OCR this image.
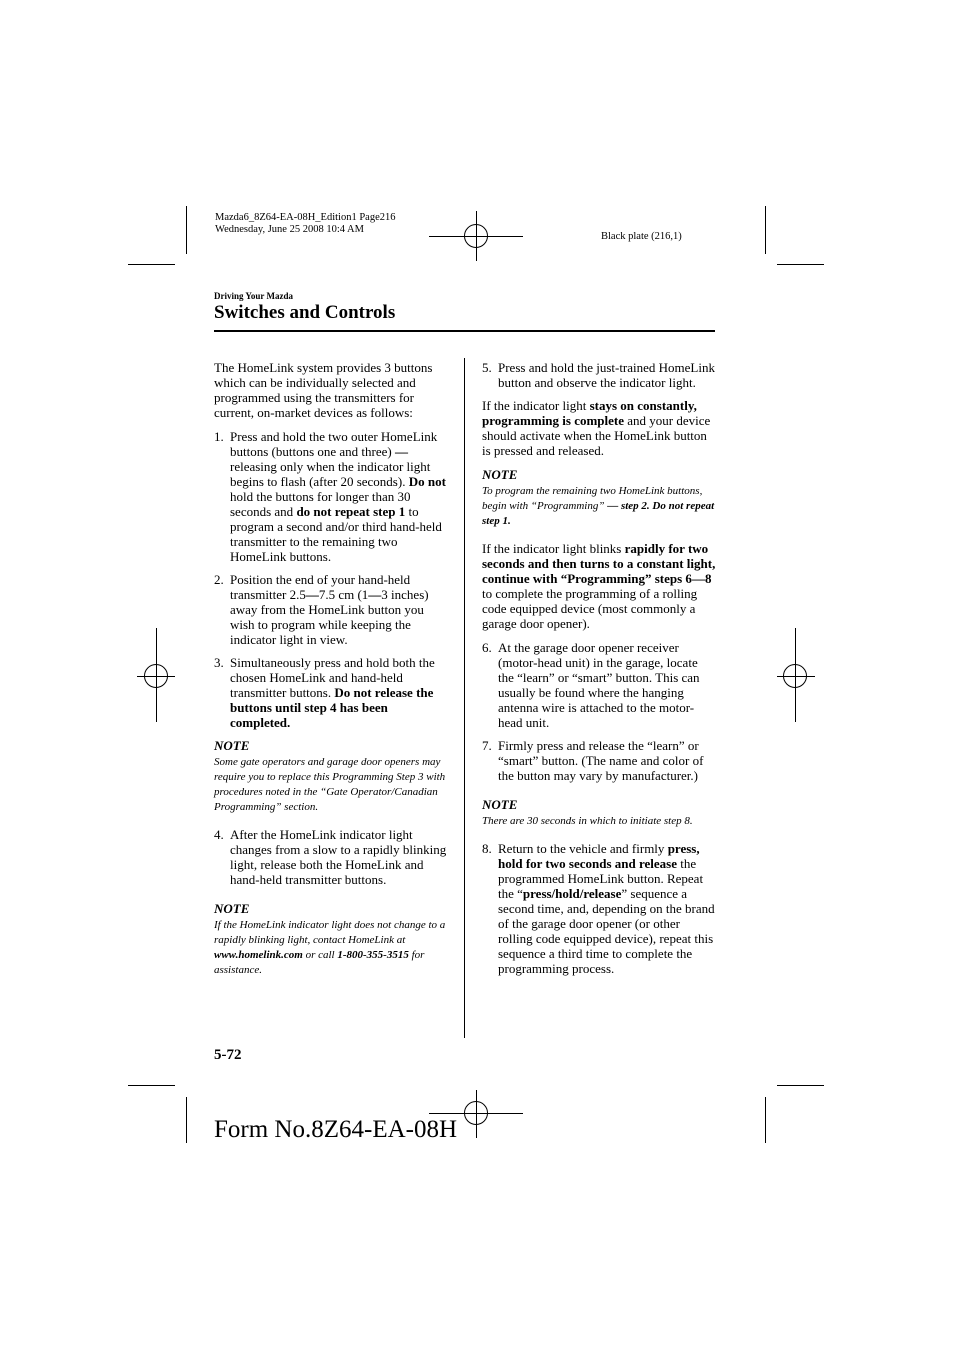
Mazda6_8Z64-EA-08H_Edition1 Page216
Wednesday, June 25 2008 10:4 AM
Black plate (216,1)
Driving Your Mazda
Switches and Controls

The HomeLink system provides 3 buttons which can be individually selected and programmed using the transmitters for current, on-market devices as follows:

1. Press and hold the two outer HomeLink buttons (buttons one and three) — releasing only when the indicator light begins to flash (after 20 seconds). Do not hold the buttons for longer than 30 seconds and do not repeat step 1 to program a second and/or third hand-held transmitter to the remaining two HomeLink buttons.
2. Position the end of your hand-held transmitter 2.5—7.5 cm (1—3 inches) away from the HomeLink button you wish to program while keeping the indicator light in view.
3. Simultaneously press and hold both the chosen HomeLink and hand-held transmitter buttons. Do not release the buttons until step 4 has been completed.
NOTE
Some gate operators and garage door openers may require you to replace this Programming Step 3 with procedures noted in the “Gate Operator/Canadian Programming” section.
4. After the HomeLink indicator light changes from a slow to a rapidly blinking light, release both the HomeLink and hand-held transmitter buttons.
NOTE
If the HomeLink indicator light does not change to a rapidly blinking light, contact HomeLink at www.homelink.com or call 1-800-355-3515 for assistance.
5. Press and hold the just-trained HomeLink button and observe the indicator light.

If the indicator light stays on constantly, programming is complete and your device should activate when the HomeLink button is pressed and released.

NOTE
To program the remaining two HomeLink buttons, begin with “Programming” — step 2. Do not repeat step 1.

If the indicator light blinks rapidly for two seconds and then turns to a constant light, continue with “Programming” steps 6—8 to complete the programming of a rolling code equipped device (most commonly a garage door opener).

6. At the garage door opener receiver (motor-head unit) in the garage, locate the “learn” or “smart” button. This can usually be found where the hanging antenna wire is attached to the motor-head unit.
7. Firmly press and release the “learn” or “smart” button. (The name and color of the button may vary by manufacturer.)
NOTE
There are 30 seconds in which to initiate step 8.
8. Return to the vehicle and firmly press, hold for two seconds and release the programmed HomeLink button. Repeat the “press/hold/release” sequence a second time, and, depending on the brand of the garage door opener (or other rolling code equipped device), repeat this sequence a third time to complete the programming process.
5-72
Form No.8Z64-EA-08H
